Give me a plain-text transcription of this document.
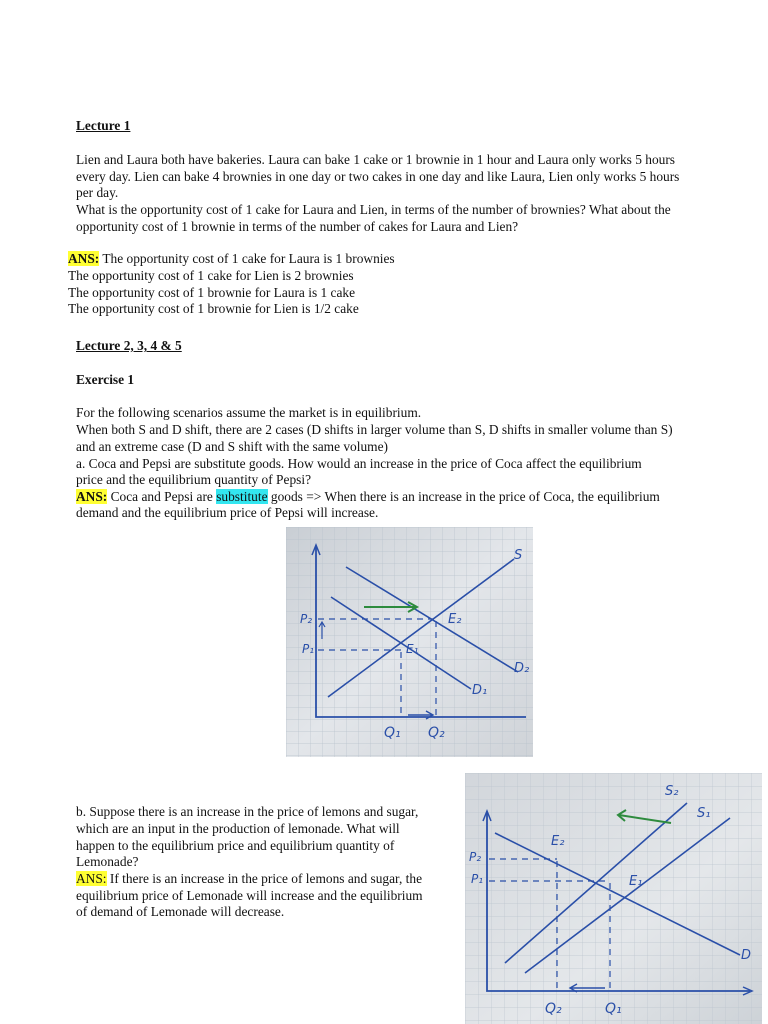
Lecture 1
Lien and Laura both have bakeries. Laura can bake 1 cake or 1 brownie in 1 hour and Laura only works 5 hours
every day. Lien can bake 4 brownies in one day or two cakes in one day and like Laura, Lien only works 5 hours
per day.
What is the opportunity cost of 1 cake for Laura and Lien, in terms of the number of brownies? What about the
opportunity cost of 1 brownie in terms of the number of cakes for Laura and Lien?
ANS: The opportunity cost of 1 cake for Laura is 1 brownies
The opportunity cost of 1 cake for Lien is 2 brownies
The opportunity cost of 1 brownie for Laura is 1 cake
The opportunity cost of 1 brownie for Lien is 1/2 cake
Lecture 2, 3, 4 & 5
Exercise 1
For the following scenarios assume the market is in equilibrium.
When both S and D shift, there are 2 cases (D shifts in larger volume than S, D shifts in smaller volume than S)
and an extreme case (D and S shift with the same volume)
a. Coca and Pepsi are substitute goods. How would an increase in the price of Coca affect the equilibrium
price and the equilibrium quantity of Pepsi?
ANS: Coca and Pepsi are substitute goods => When there is an increase in the price of Coca, the equilibrium
demand and the equilibrium price of Pepsi will increase.
S
E₂
E₁
D₂
D₁
P₂
P₁
Q₁ Q₂
b. Suppose there is an increase in the price of lemons and sugar,
which are an input in the production of lemonade. What will
happen to the equilibrium price and equilibrium quantity of
Lemonade?
ANS: If there is an increase in the price of lemons and sugar, the
equilibrium price of Lemonade will increase and the equilibrium
of demand of Lemonade will decrease.
S₂
S₁
E₂
E₁
D
P₂
P₁
Q₂	Q₁
